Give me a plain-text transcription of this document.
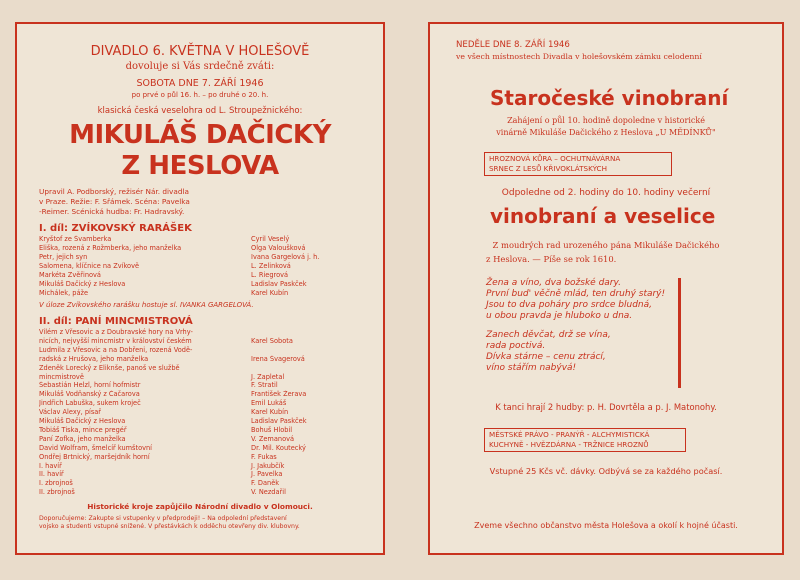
DIVADLO 6. KVĚTNA V HOLEŠOVĚ
dovoluje si Vás srdečně zváti:
SOBOTA DNE 7. ZÁŘÍ 1946
po prvé o půl 16. h. – po druhé o 20. h.
klasická česká veselohra od L. Stroupežnického:
MIKULÁŠ DAČICKÝ
Z HESLOVA
Upravil A. Podborský, režisér Nár. divadla
v Praze. Režie: F. Sřámek. Scéna: Pavelka
-Reimer. Scénická hudba: Fr. Hadravský.
I. díl: ZVÍKOVSKÝ RARÁŠEK
Kryštof ze Švamberka	Cyril Veselý
Eliška, rozená z Rožmberka, jeho manželka	Olga Valoušková
Petr, jejich syn	Ivana Gargelová j. h.
Salomena, klíčnice na Zvíkově	L. Zelinková
Markéta Zvěřinová	L. Riegrová
Mikuláš Dačický z Heslova	Ladislav Paskček
Michálek, páže	Karel Kubín
V úloze Zvíkovského rarášku hostuje sl. IVANKA GARGELOVÁ.
II. díl: PANÍ MINCMISTROVÁ
Vilém z Vřesovic a z Doubravské hory na Vrhy-
nicích, nejvyšší mincmistr v království českém	Karel Sobota
Ludmila z Vřesovic a na Dobřeni, rozená Vodě-
radská z Hrušova, jeho manželka	Irena Švagerová
Zdeněk Lorecký z Eliknše, panoš ve službě
mincmistrově	J. Zapletal
Šebastián Helzl, horní hofmistr	F. Stratil
Mikuláš Vodňanský z Čačarova	František Žerava
Jindřich Labuška, sukem kroječ	Emil Lukáš
Václav Alexy, písař	Karel Kubín
Mikuláš Dačický z Heslova	Ladislav Paskček
Tobiáš Tiska, mince pregéř	Bohuš Hlobil
Paní Zofka, jeho manželka	V. Zemanová
David Wolfram, šmelcíř kumštovní	Dr. Mil. Koutecký
Ondřej Brtnický, maršejdník horní	F. Fukas
I. havíř	J. Jakubčík
II. havíř	J. Pavelka
I. zbrojnoš	F. Daněk
II. zbrojnoš	V. Nezdařil
Historické kroje zapůjčilo Národní divadlo v Olomouci.
Doporučujeme: Zakupte si vstupenky v předprodeji! – Na odpolední představení
vojsko a studenti vstupné snížené. V přestávkách k odděchu otevřeny div. klubovny.
NEDĚLE DNE 8. ZÁŘÍ 1946
ve všech místnostech Divadla v holešovském zámku celodenní
Staročeské vinobraní
Zahájení o půl 10. hodině dopoledne v historické
vinárně Mikuláše Dačického z Heslova „U MĚDÍNKŮ"
HROZNOVÁ KŮRA – OCHUTNÁVÁRNA
SRNEC Z LESŮ KŘIVOKLÁTSKÝCH
Odpoledne od 2. hodiny do 10. hodiny večerní
vinobraní a veselice
Z moudrých rad urozeného pána Mikuláše Dačického
z Heslova. — Píše se rok 1610.
Žena a víno, dva božské dary.
První bud' věčně mlád, ten druhý starý!
Jsou to dva poháry pro srdce bludná,
u obou pravda je hluboko u dna.
Zanech děvčat, drž se vína,
rada poctivá.
Dívka stárne – cenu ztrácí,
víno stářím nabývá!
K tanci hrají 2 hudby: p. H. Dovrtěla a p. J. Matonohy.
MĚSTSKÉ PRÁVO - PRANÝŘ - ALCHYMISTICKÁ
KUCHYNĚ - HVĚZDÁRNA - TRŽNICE HROZNŮ
Vstupné 25 Kčs vč. dávky. Odbývá se za každého počasí.
Zveme všechno občanstvo města Holešova a okolí k hojné účasti.
